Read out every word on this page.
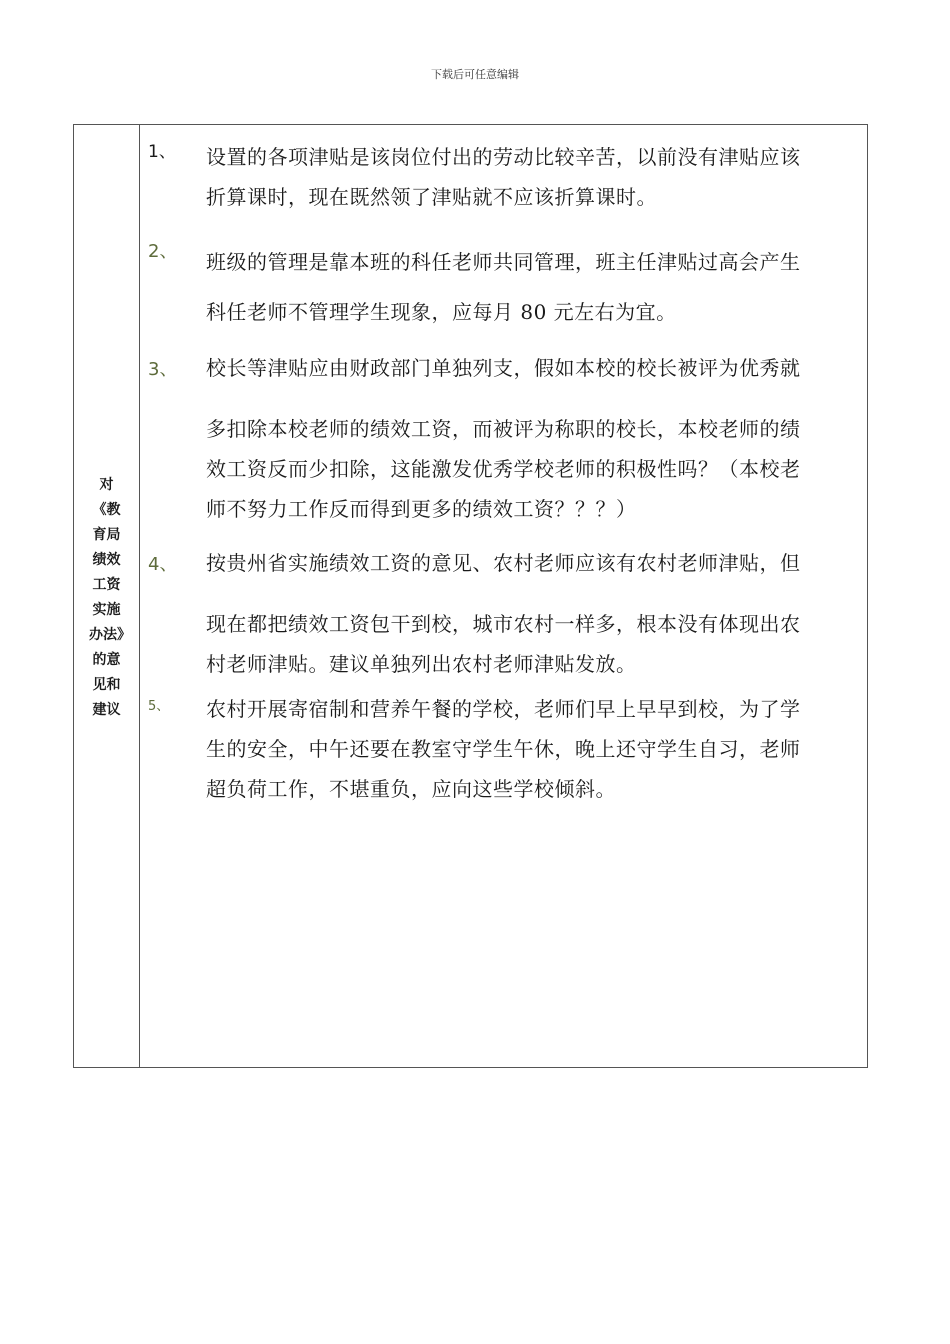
下载后可任意编辑
对《教育局绩效工资实施办法》的意见和建议
1、 设置的各项津贴是该岗位付出的劳动比较辛苦，以前没有津贴应该
折算课时，现在既然领了津贴就不应该折算课时。
2、 班级的管理是靠本班的科任老师共同管理，班主任津贴过高会产生
科任老师不管理学生现象，应每月 80 元左右为宜。
3、 校长等津贴应由财政部门单独列支，假如本校的校长被评为优秀就
多扣除本校老师的绩效工资，而被评为称职的校长，本校老师的绩
效工资反而少扣除，这能激发优秀学校老师的积极性吗？（本校老
师不努力工作反而得到更多的绩效工资？？？）
4、 按贵州省实施绩效工资的意见、农村老师应该有农村老师津贴，但
现在都把绩效工资包干到校，城市农村一样多，根本没有体现出农
村老师津贴。建议单独列出农村老师津贴发放。
5、 农村开展寄宿制和营养午餐的学校，老师们早上早早到校，为了学
生的安全，中午还要在教室守学生午休，晚上还守学生自习，老师
超负荷工作，不堪重负，应向这些学校倾斜。
